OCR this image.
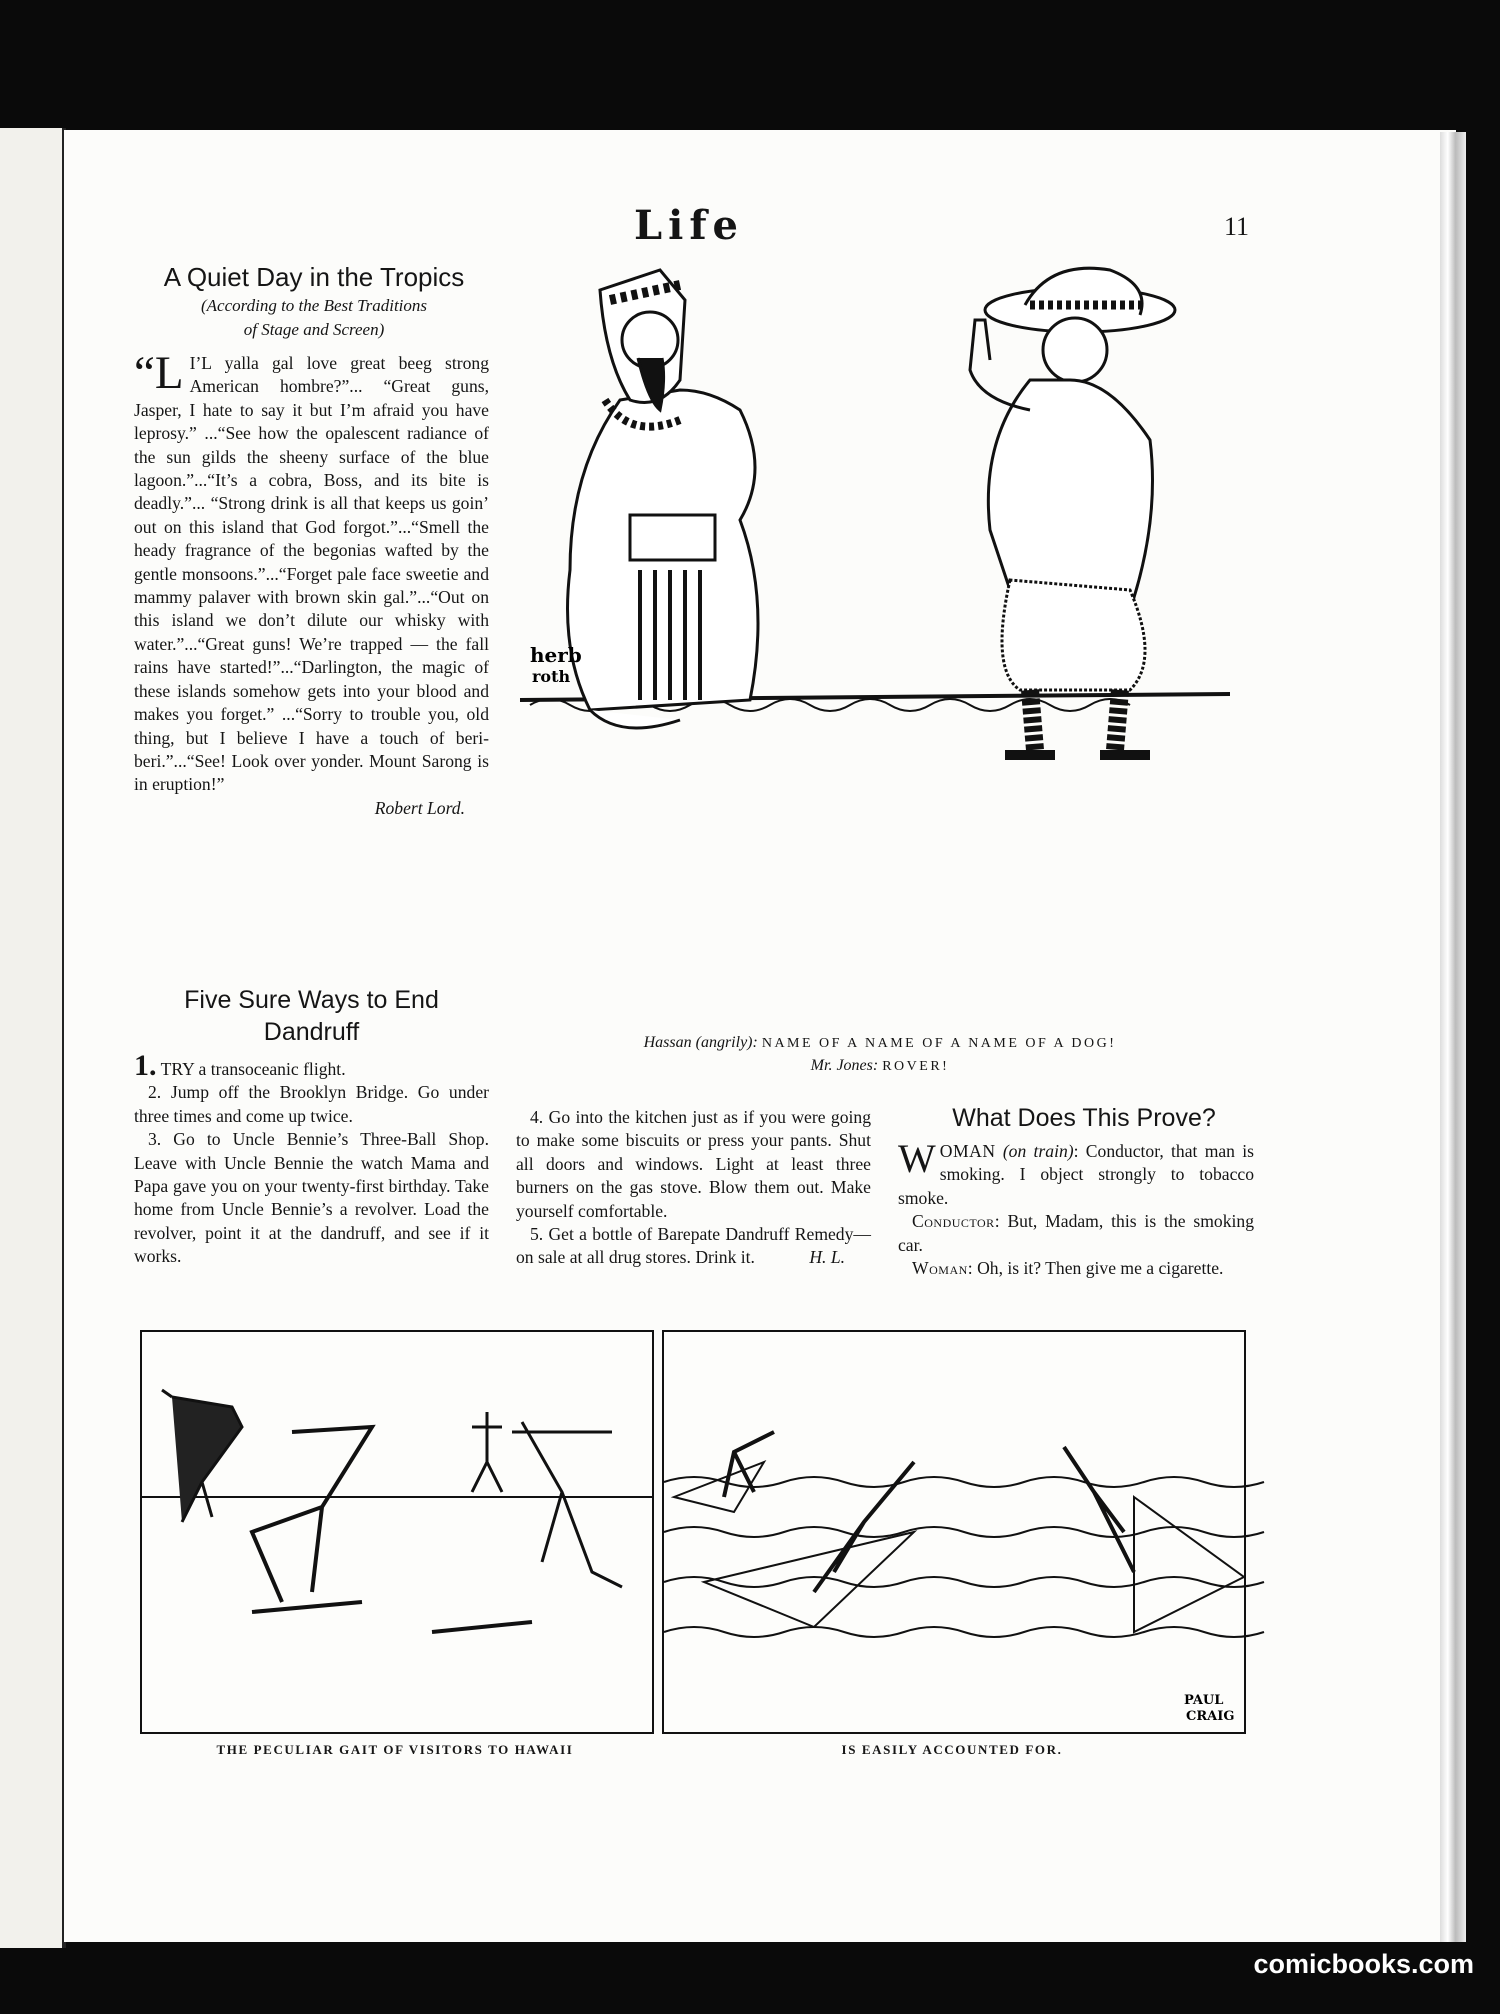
Life	11

A Quiet Day in the Tropics

(According to the Best Traditions

of Stage and Screen)

“L I’L yalla gal love great beeg strong American hombre?”... “Great guns, Jasper, I hate to say it but I’m afraid you have leprosy.” ...“See how the opalescent radiance of the sun gilds the sheeny surface of the blue lagoon.”...“It’s a cobra, Boss, and its bite is deadly.”... “Strong drink is all that keeps us goin’ out on this island that God forgot.”...“Smell the heady fragrance of the begonias wafted by the gentle monsoons.”...“Forget pale face sweetie and mammy palaver with brown skin gal.”...“Out on this island we don’t dilute our whisky with water.”...“Great guns! We’re trapped — the fall rains have started!”...“Darlington, the magic of these islands somehow gets into your blood and makes you forget.” ...“Sorry to trouble you, old thing, but I believe I have a touch of beri-beri.”...“See! Look over yonder. Mount Sarong is in eruption!”

Robert Lord.

herb
roth
Hassan (angrily): NAME OF A NAME OF A NAME OF A DOG!
Mr. Jones: ROVER!

Five Sure Ways to End Dandruff

1. TRY a transoceanic flight.

2. Jump off the Brooklyn Bridge. Go under three times and come up twice.

3. Go to Uncle Bennie’s Three-Ball Shop. Leave with Uncle Bennie the watch Mama and Papa gave you on your twenty-first birthday. Take home from Uncle Bennie’s a revolver. Load the revolver, point it at the dandruff, and see if it works.

4. Go into the kitchen just as if you were going to make some biscuits or press your pants. Shut all doors and windows. Light at least three burners on the gas stove. Blow them out. Make yourself comfortable.

5. Get a bottle of Barepate Dandruff Remedy—on sale at all drug stores. Drink it.	H. L.

What Does This Prove?

WOMAN (on train): Conductor, that man is smoking. I object strongly to tobacco smoke.

Conductor: But, Madam, this is the smoking car.

Woman: Oh, is it? Then give me a cigarette.

PAUL
CRAIG
THE PECULIAR GAIT OF VISITORS TO HAWAII	IS EASILY ACCOUNTED FOR.
comicbooks.com
